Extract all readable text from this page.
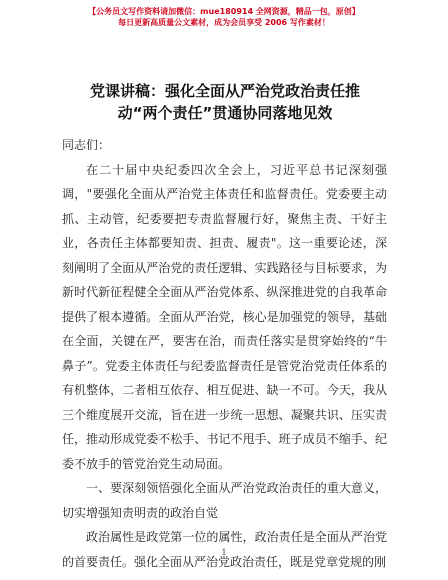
【公务员文写作资料请加微信：mue180914 全网资源，精品一包，原创】
每日更新高质量公文素材，成为会员享受 2006 写作素材！
党课讲稿：强化全面从严治党政治责任推
动“两个责任”贯通协同落地见效

同志们：

在二十届中央纪委四次全会上，习近平总书记深刻强调，"要强化全面从严治党主体责任和监督责任。党委要主动抓、主动管，纪委要把专责监督履行好，聚焦主责、干好主业，各责任主体都要知责、担责、履责"。这一重要论述，深刻阐明了全面从严治党的责任逻辑、实践路径与目标要求，为新时代新征程健全全面从严治党体系、纵深推进党的自我革命提供了根本遵循。全面从严治党，核心是加强党的领导，基础在全面，关键在严，要害在治，而责任落实是贯穿始终的“牛鼻子”。党委主体责任与纪委监督责任是管党治党责任体系的有机整体，二者相互依存、相互促进、缺一不可。今天，我从三个维度展开交流，旨在进一步统一思想、凝聚共识、压实责任，推动形成党委不松手、书记不甩手、班子成员不缩手、纪委不放手的管党治党生动局面。

一、要深刻领悟强化全面从严治党政治责任的重大意义，切实增强知责明责的政治自觉

政治属性是政党第一位的属性，政治责任是全面从严治党的首要责任。强化全面从严治党政治责任，既是党章党规的刚

1
